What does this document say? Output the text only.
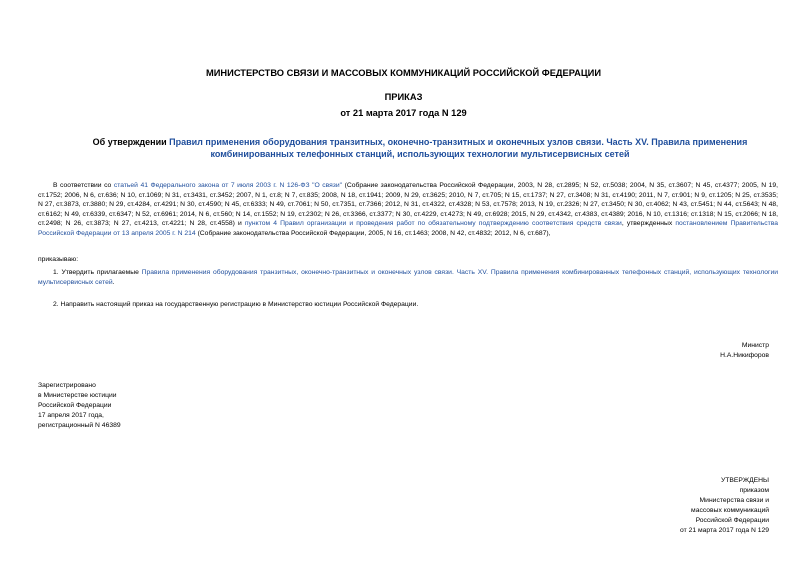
МИНИСТЕРСТВО СВЯЗИ И МАССОВЫХ КОММУНИКАЦИЙ РОССИЙСКОЙ ФЕДЕРАЦИИ
ПРИКАЗ
от 21 марта 2017 года N 129
Об утверждении Правил применения оборудования транзитных, оконечно-транзитных и оконечных узлов связи. Часть XV. Правила применения комбинированных телефонных станций, использующих технологии мультисервисных сетей
В соответствии со статьей 41 Федерального закона от 7 июля 2003 г. N 126-ФЗ "О связи" (Собрание законодательства Российской Федерации, 2003, N 28, ст.2895; N 52, ст.5038; 2004, N 35, ст.3607; N 45, ст.4377; 2005, N 19, ст.1752; 2006, N 6, ст.636; N 10, ст.1069; N 31, ст.3431, ст.3452; 2007, N 1, ст.8; N 7, ст.835; 2008, N 18, ст.1941; 2009, N 29, ст.3625; 2010, N 7, ст.705; N 15, ст.1737; N 27, ст.3408; N 31, ст.4190; 2011, N 7, ст.901; N 9, ст.1205; N 25, ст.3535; N 27, ст.3873, ст.3880; N 29, ст.4284, ст.4291; N 30, ст.4590; N 45, ст.6333; N 49, ст.7061; N 50, ст.7351, ст.7366; 2012, N 31, ст.4322, ст.4328; N 53, ст.7578; 2013, N 19, ст.2326; N 27, ст.3450; N 30, ст.4062; N 43, ст.5451; N 44, ст.5643; N 48, ст.6162; N 49, ст.6339, ст.6347; N 52, ст.6961; 2014, N 6, ст.560; N 14, ст.1552; N 19, ст.2302; N 26, ст.3366, ст.3377; N 30, ст.4229, ст.4273; N 49, ст.6928; 2015, N 29, ст.4342, ст.4383, ст.4389; 2016, N 10, ст.1316; ст.1318; N 15, ст.2066; N 18, ст.2498; N 26, ст.3873; N 27, ст.4213, ст.4221; N 28, ст.4558) и пунктом 4 Правил организации и проведения работ по обязательному подтверждению соответствия средств связи, утвержденных постановлением Правительства Российской Федерации от 13 апреля 2005 г. N 214 (Собрание законодательства Российской Федерации, 2005, N 16, ст.1463; 2008, N 42, ст.4832; 2012, N 6, ст.687),
приказываю:
1. Утвердить прилагаемые Правила применения оборудования транзитных, оконечно-транзитных и оконечных узлов связи. Часть XV. Правила применения комбинированных телефонных станций, использующих технологии мультисервисных сетей.
2. Направить настоящий приказ на государственную регистрацию в Министерство юстиции Российской Федерации.
Министр
Н.А.Никифоров
Зарегистрировано
в Министерстве юстиции
Российской Федерации
17 апреля 2017 года,
регистрационный N 46389
УТВЕРЖДЕНЫ
приказом
Министерства связи и
массовых коммуникаций
Российской Федерации
от 21 марта 2017 года N 129
